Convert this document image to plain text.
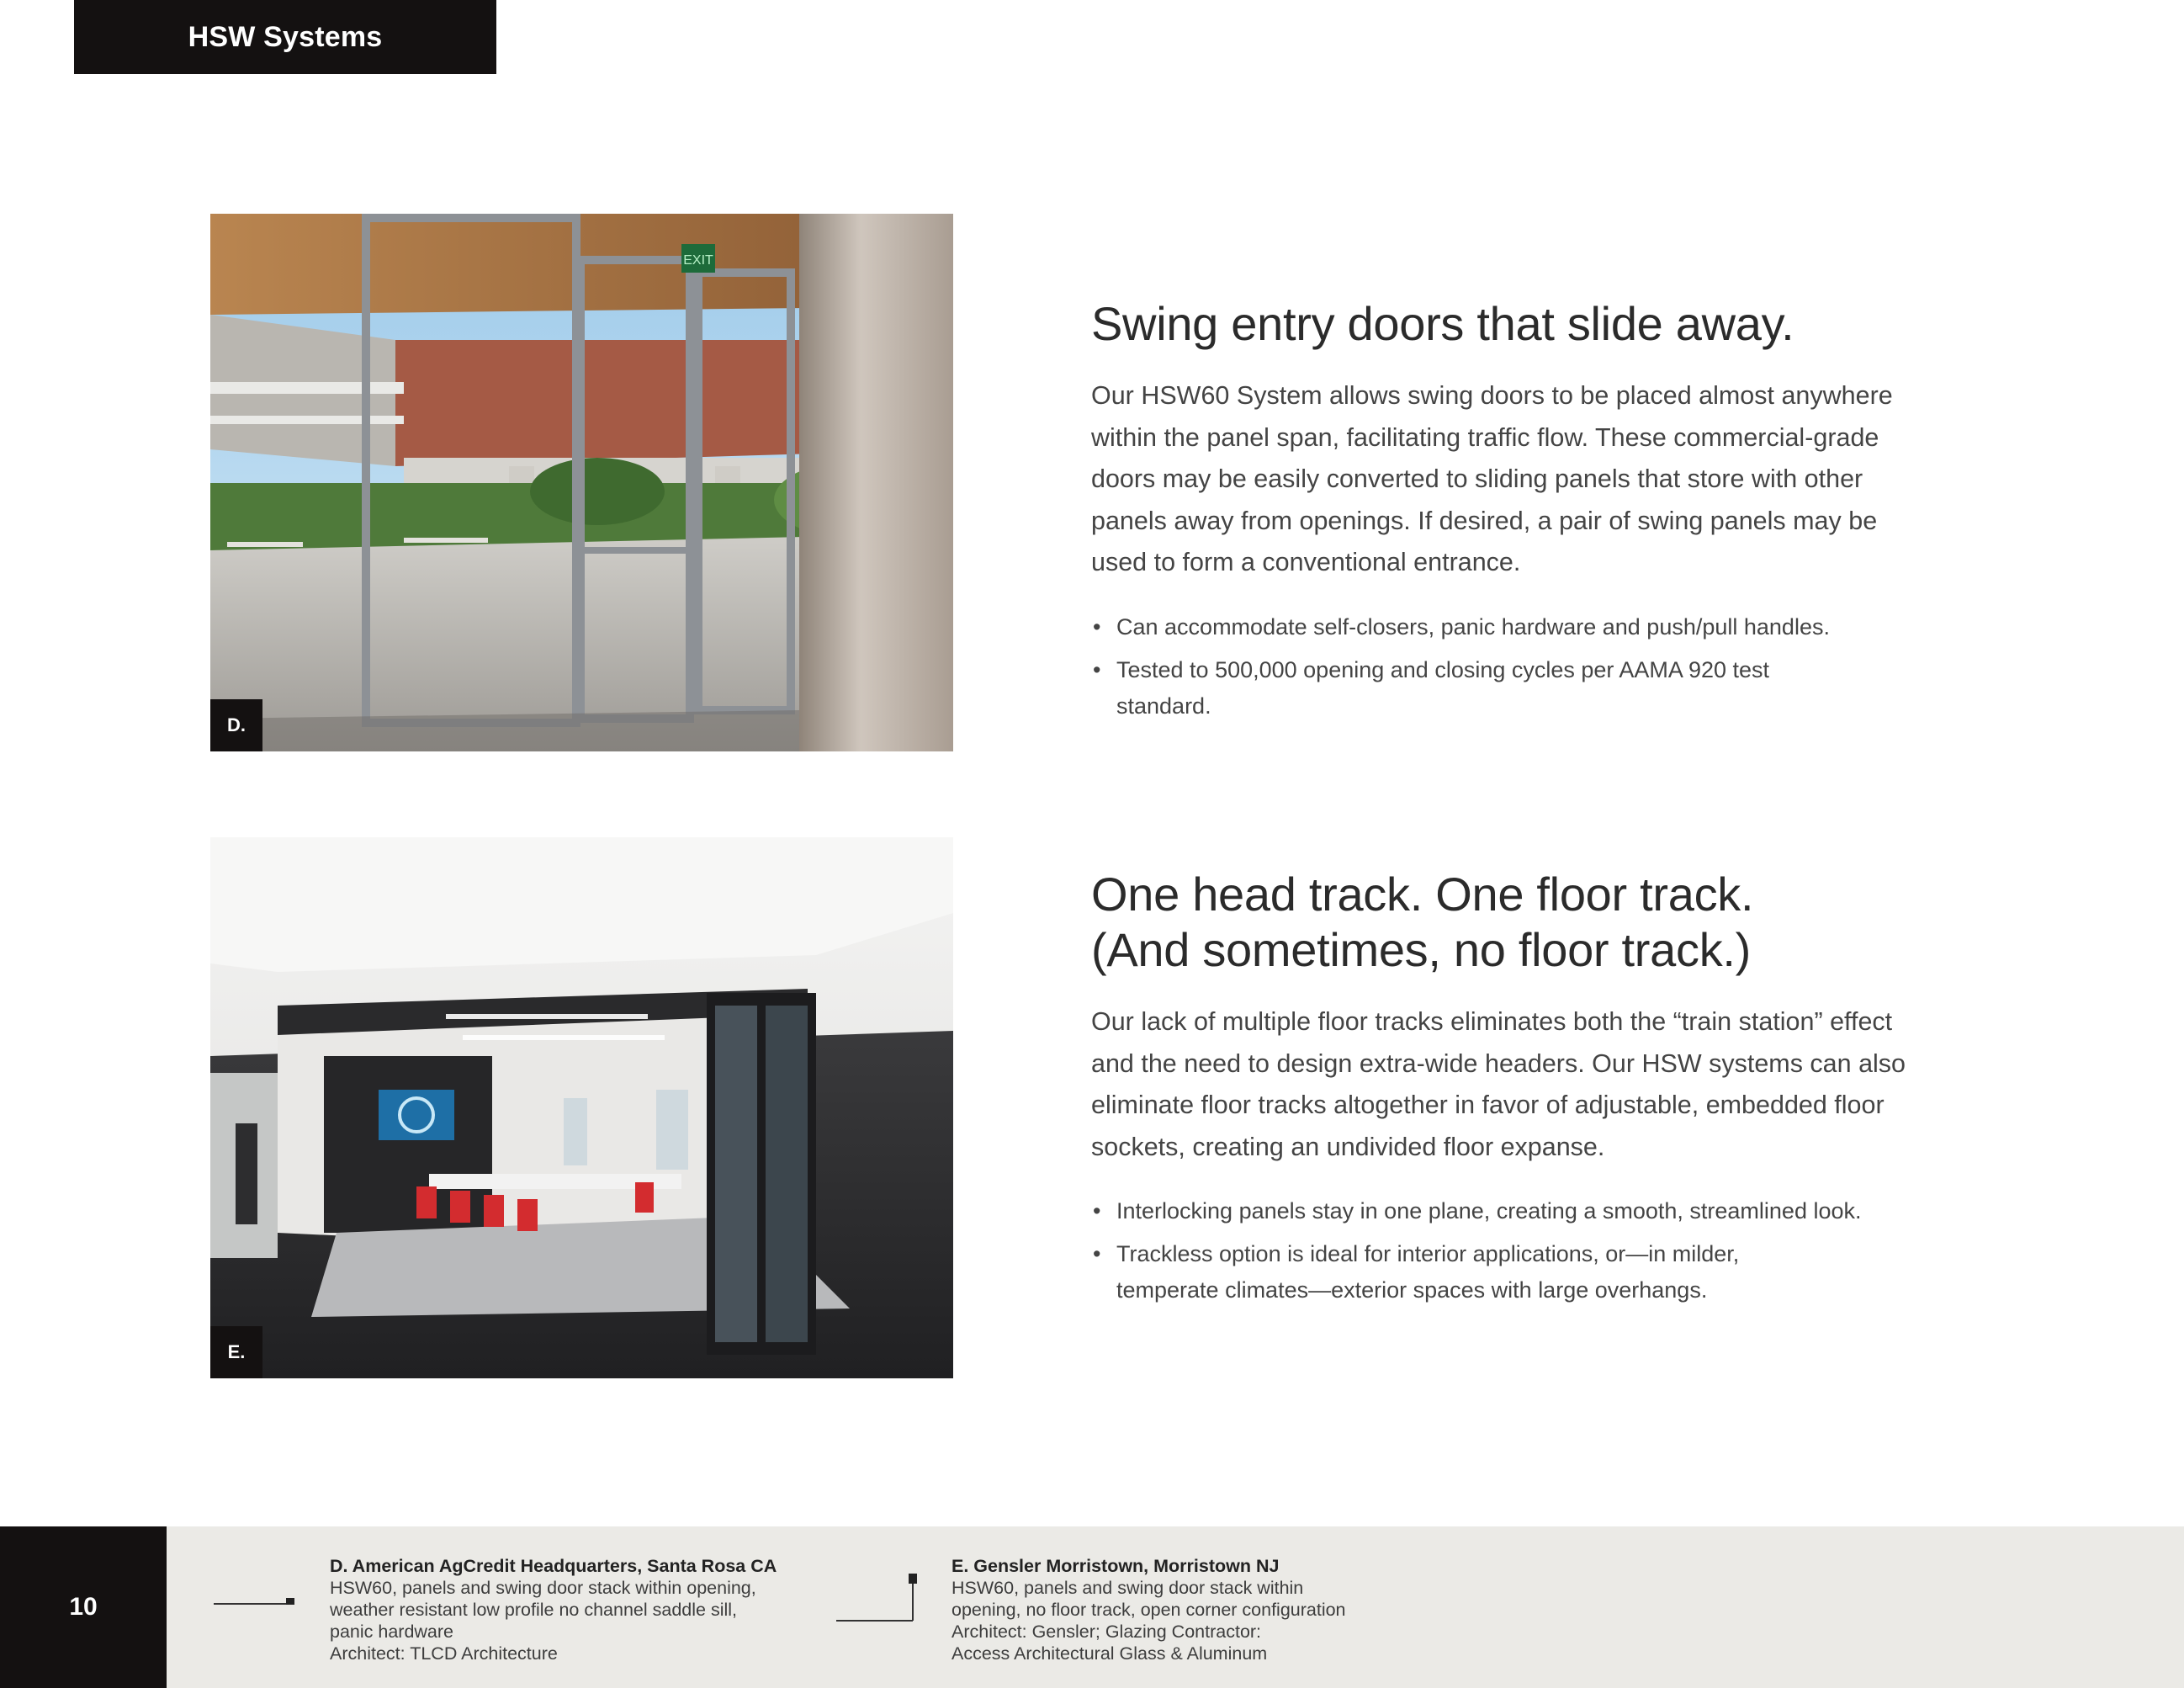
HSW Systems
EXIT
D.
E.
Swing entry doors that slide away.

Our HSW60 System allows swing doors to be placed almost anywhere within the panel span, facilitating traffic flow. These commercial-grade doors may be easily converted to sliding panels that store with other panels away from openings. If desired, a pair of swing panels may be used to form a conventional entrance.

• Can accommodate self-closers, panic hardware and push/pull handles.
• Tested to 500,000 opening and closing cycles per AAMA 920 test standard.
One head track. One floor track.
(And sometimes, no floor track.)

Our lack of multiple floor tracks eliminates both the “train station” effect and the need to design extra-wide headers. Our HSW systems can also eliminate floor tracks altogether in favor of adjustable, embedded floor sockets, creating an undivided floor expanse.

• Interlocking panels stay in one plane, creating a smooth, streamlined look.
• Trackless option is ideal for interior applications, or—in milder, temperate climates—exterior spaces with large overhangs.
10
D. American AgCredit Headquarters, Santa Rosa CA
HSW60, panels and swing door stack within opening,
weather resistant low profile no channel saddle sill,
panic hardware
Architect: TLCD Architecture
E. Gensler Morristown, Morristown NJ
HSW60, panels and swing door stack within
opening, no floor track, open corner configuration
Architect: Gensler; Glazing Contractor:
Access Architectural Glass & Aluminum
